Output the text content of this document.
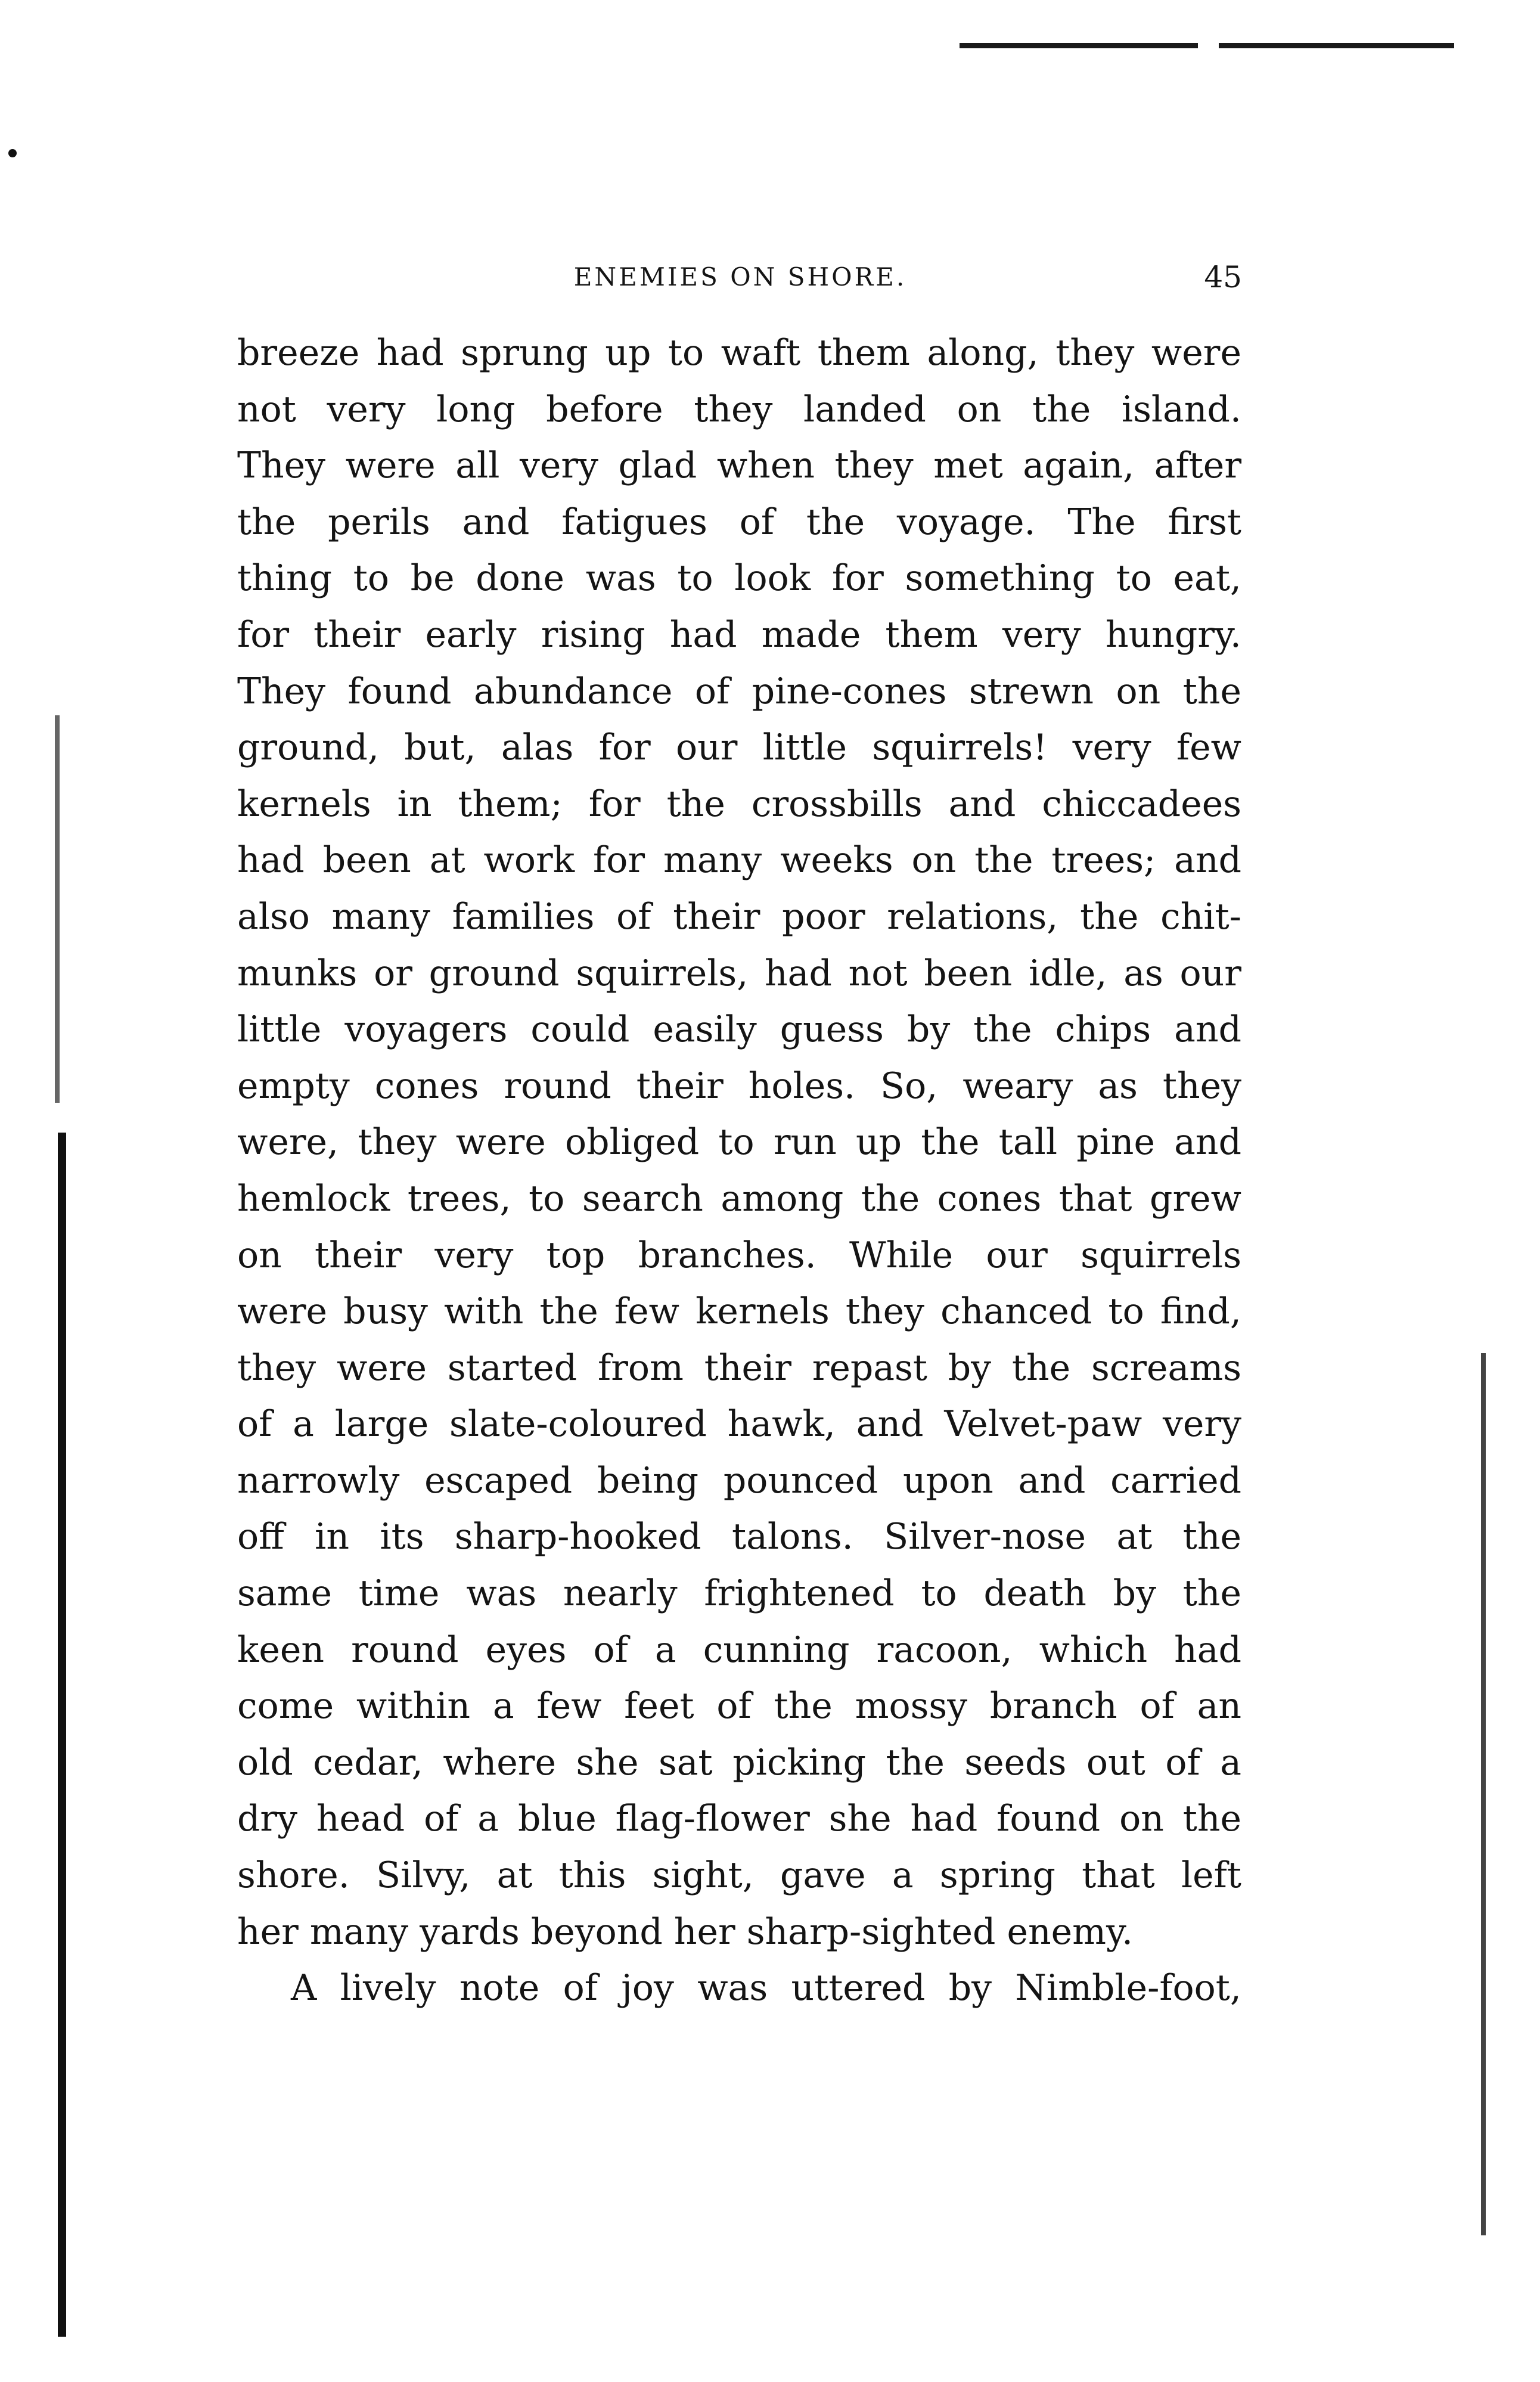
ENEMIES ON SHORE.	45
breeze had sprung up to waft them along, they were
not very long before they landed on the island.
They were all very glad when they met again, after
the perils and fatigues of the voyage. The first
thing to be done was to look for something to eat,
for their early rising had made them very hungry.
They found abundance of pine-cones strewn on the
ground, but, alas for our little squirrels! very few
kernels in them; for the crossbills and chiccadees
had been at work for many weeks on the trees; and
also many families of their poor relations, the chit-
munks or ground squirrels, had not been idle, as our
little voyagers could easily guess by the chips and
empty cones round their holes. So, weary as they
were, they were obliged to run up the tall pine and
hemlock trees, to search among the cones that grew
on their very top branches. While our squirrels
were busy with the few kernels they chanced to find,
they were started from their repast by the screams
of a large slate-coloured hawk, and Velvet-paw very
narrowly escaped being pounced upon and carried
off in its sharp-hooked talons. Silver-nose at the
same time was nearly frightened to death by the
keen round eyes of a cunning racoon, which had
come within a few feet of the mossy branch of an
old cedar, where she sat picking the seeds out of a
dry head of a blue flag-flower she had found on the
shore. Silvy, at this sight, gave a spring that left
her many yards beyond her sharp-sighted enemy.
A lively note of joy was uttered by Nimble-foot,
